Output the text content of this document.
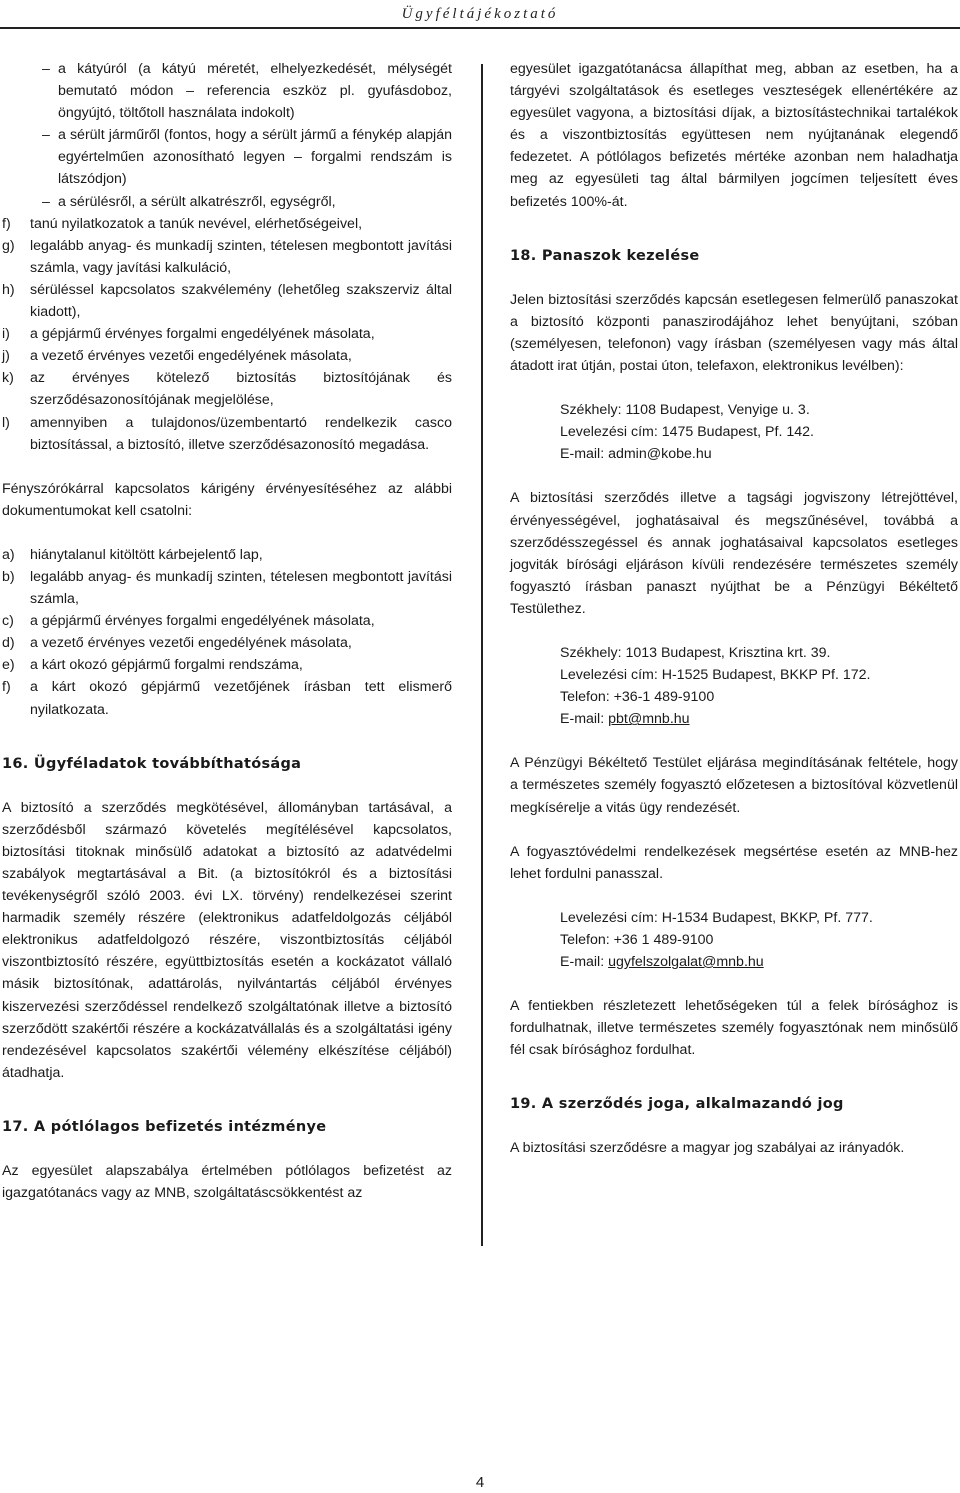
Ügyféltájékoztató
– a kátyúról (a kátyú méretét, elhelyezkedését, mélységét bemutató módon – referencia eszköz pl. gyufásdoboz, öngyújtó, töltőtoll használata indokolt)
– a sérült járműről (fontos, hogy a sérült jármű a fénykép alapján egyértelműen azonosítható legyen – forgalmi rendszám is látszódjon)
– a sérülésről, a sérült alkatrészről, egységről,
f)	tanú nyilatkozatok a tanúk nevével, elérhetőségeivel,
g)	legalább anyag- és munkadíj szinten, tételesen megbontott javítási számla, vagy javítási kalkuláció,
h)	sérüléssel kapcsolatos szakvélemény (lehetőleg szakszerviz által kiadott),
i)	a gépjármű érvényes forgalmi engedélyének másolata,
j)	a vezető érvényes vezetői engedélyének másolata,
k)	az érvényes kötelező biztosítás biztosítójának és szerződésazonosítójának megjelölése,
l)	amennyiben a tulajdonos/üzembentartó rendelkezik casco biztosítással, a biztosító, illetve szerződésazonosító megadása.

Fényszórókárral kapcsolatos kárigény érvényesítéséhez az alábbi dokumentumokat kell csatolni:

a)	hiánytalanul kitöltött kárbejelentő lap,
b)	legalább anyag- és munkadíj szinten, tételesen megbontott javítási számla,
c)	a gépjármű érvényes forgalmi engedélyének másolata,
d)	a vezető érvényes vezetői engedélyének másolata,
e)	a kárt okozó gépjármű forgalmi rendszáma,
f)	a kárt okozó gépjármű vezetőjének írásban tett elismerő nyilatkozata.
16. Ügyféladatok továbbíthatósága

A biztosító a szerződés megkötésével, állományban tartásával, a szerződésből származó követelés megítélésével kapcsolatos, biztosítási titoknak minősülő adatokat a biztosító az adatvédelmi szabályok megtartásával a Bit. (a biztosítókról és a biztosítási tevékenységről szóló 2003. évi LX. törvény) rendelkezései szerint harmadik személy részére (elektronikus adatfeldolgozás céljából elektronikus adatfeldolgozó részére, viszontbiztosítás céljából viszontbiztosító részére, együttbiztosítás esetén a kockázatot vállaló másik biztosítónak, adattárolás, nyilvántartás céljából érvényes kiszervezési szerződéssel rendelkező szolgáltatónak illetve a biztosító szerződött szakértői részére a kockázatvállalás és a szolgáltatási igény rendezésével kapcsolatos szakértői vélemény elkészítése céljából) átadhatja.

17. A pótlólagos befizetés intézménye

Az egyesület alapszabálya értelmében pótlólagos befizetést az igazgatótanács vagy az MNB, szolgáltatáscsökkentést az

egyesület igazgatótanácsa állapíthat meg, abban az esetben, ha a tárgyévi szolgáltatások és esetleges veszteségek ellenértékére az egyesület vagyona, a biztosítási díjak, a biztosítástechnikai tartalékok és a viszontbiztosítás együttesen nem nyújtanának elegendő fedezetet. A pótlólagos befizetés mértéke azonban nem haladhatja meg az egyesületi tag által bármilyen jogcímen teljesített éves befizetés 100%-át.

18. Panaszok kezelése

Jelen biztosítási szerződés kapcsán esetlegesen felmerülő panaszokat a biztosító központi panaszirodájához lehet benyújtani, szóban (személyesen, telefonon) vagy írásban (személyesen vagy más által átadott irat útján, postai úton, telefaxon, elektronikus levélben):

Székhely: 1108 Budapest, Venyige u. 3.
Levelezési cím: 1475 Budapest, Pf. 142.
E-mail: admin@kobe.hu

A biztosítási szerződés illetve a tagsági jogviszony létrejöttével, érvényességével, joghatásaival és megszűnésével, továbbá a szerződésszegéssel és annak joghatásaival kapcsolatos esetleges jogviták bírósági eljáráson kívüli rendezésére természetes személy fogyasztó írásban panaszt nyújthat be a Pénzügyi Békéltető Testülethez.

Székhely: 1013 Budapest, Krisztina krt. 39.
Levelezési cím: H-1525 Budapest, BKKP Pf. 172.
Telefon: +36-1 489-9100
E-mail: pbt@mnb.hu

A Pénzügyi Békéltető Testület eljárása megindításának feltétele, hogy a természetes személy fogyasztó előzetesen a biztosítóval közvetlenül megkísérelje a vitás ügy rendezését.

A fogyasztóvédelmi rendelkezések megsértése esetén az MNB-hez lehet fordulni panasszal.

Levelezési cím: H-1534 Budapest, BKKP, Pf. 777.
Telefon: +36 1 489-9100
E-mail: ugyfelszolgalat@mnb.hu

A fentiekben részletezett lehetőségeken túl a felek bírósághoz is fordulhatnak, illetve természetes személy fogyasztónak nem minősülő fél csak bírósághoz fordulhat.

19. A szerződés joga, alkalmazandó jog

A biztosítási szerződésre a magyar jog szabályai az irányadók.

4
